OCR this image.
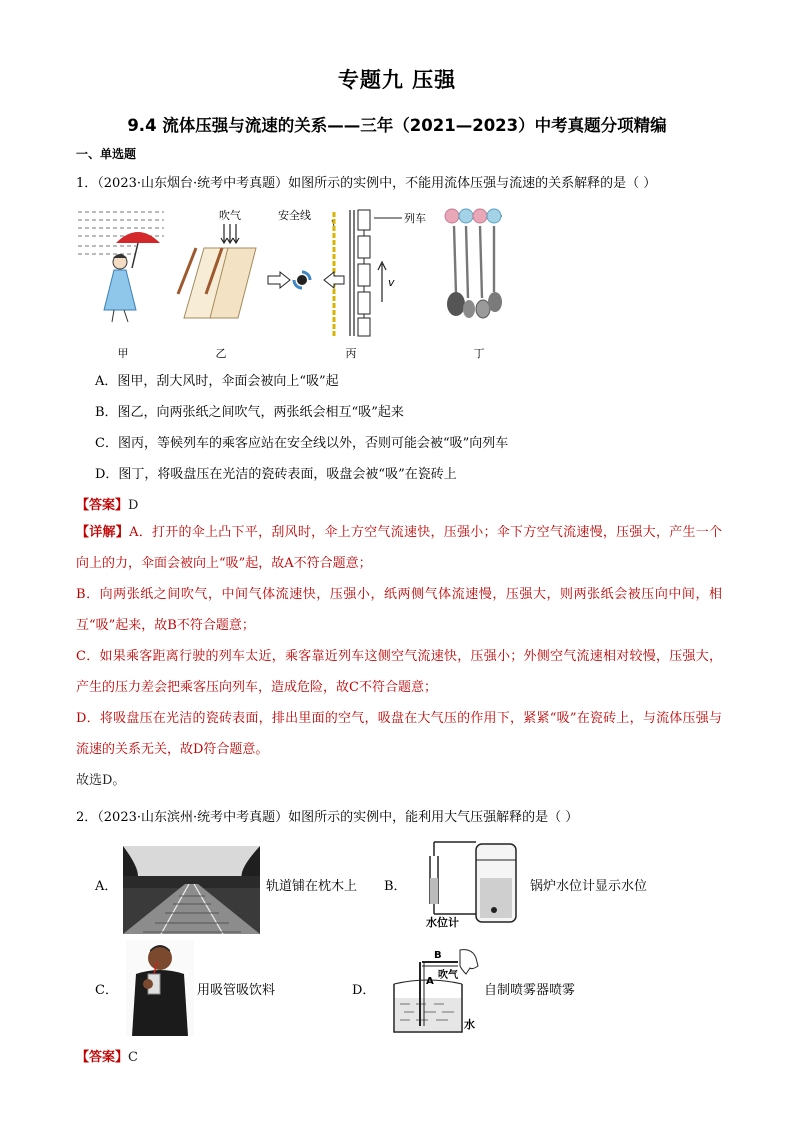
专题九 压强
9.4 流体压强与流速的关系——三年（2021—2023）中考真题分项精编
一、单选题
1．（2023·山东烟台·统考中考真题）如图所示的实例中，不能用流体压强与流速的关系解释的是（ ）
甲
吹气
乙
安全线	列车
v
丙	丁
A．图甲，刮大风时，伞面会被向上“吸”起
B．图乙，向两张纸之间吹气，两张纸会相互“吸”起来
C．图丙，等候列车的乘客应站在安全线以外，否则可能会被“吸”向列车
D．图丁，将吸盘压在光洁的瓷砖表面，吸盘会被“吸”在瓷砖上
【答案】D
【详解】A．打开的伞上凸下平，刮风时，伞上方空气流速快，压强小；伞下方空气流速慢，压强大，产生一个向上的力，伞面会被向上“吸”起，故A不符合题意；
B．向两张纸之间吹气，中间气体流速快，压强小，纸两侧气体流速慢，压强大，则两张纸会被压向中间，相互“吸”起来，故B不符合题意；
C．如果乘客距离行驶的列车太近，乘客靠近列车这侧空气流速快，压强小；外侧空气流速相对较慢，压强大，产生的压力差会把乘客压向列车，造成危险，故C不符合题意；
D．将吸盘压在光洁的瓷砖表面，排出里面的空气，吸盘在大气压的作用下，紧紧“吸”在瓷砖上，与流体压强与流速的关系无关，故D符合题意。
故选D。
2．（2023·山东滨州·统考中考真题）如图所示的实例中，能利用大气压强解释的是（ ）
A．	轨道铺在枕木上 B．
水位计
锅炉水位计显示水位
C．	用吸管吸饮料	D．
B
A
吹气
水
自制喷雾器喷雾
【答案】C
